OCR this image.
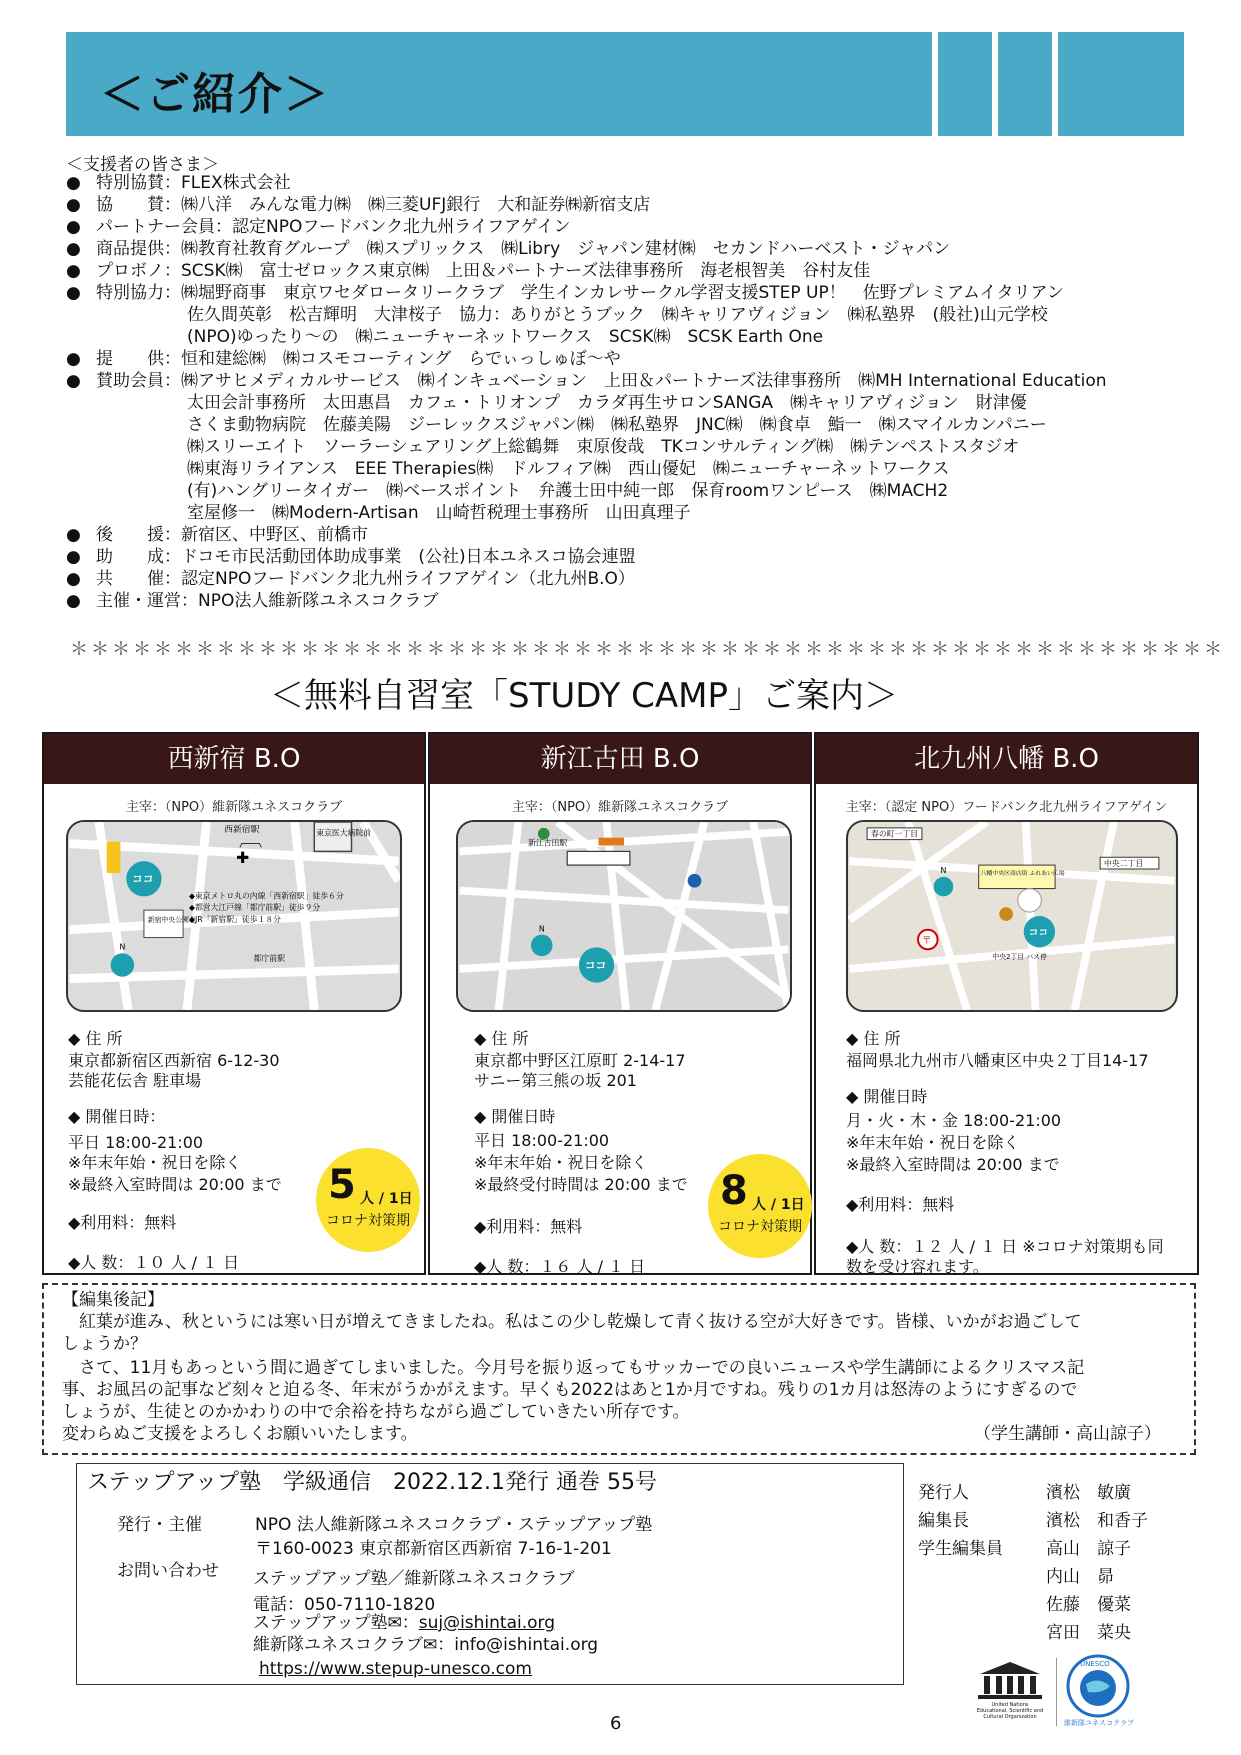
＜ご紹介＞
＜支援者の皆さま＞
● 特別協賛： FLEX株式会社
● 協　　賛： ㈱八洋　みんな電力㈱　㈱三菱UFJ銀行　大和証券㈱新宿支店
● パートナー会員： 認定NPOフードバンク北九州ライフアゲイン
● 商品提供： ㈱教育社教育グループ　㈱スプリックス　㈱Libry　ジャパン建材㈱　セカンドハーベスト・ジャパン
● プロボノ： SCSK㈱　富士ゼロックス東京㈱　上田＆パートナーズ法律事務所　海老根智美　谷村友佳
● 特別協力： ㈱堀野商事　東京ワセダロータリークラブ　学生インカレサークル学習支援STEP UP！　佐野プレミアムイタリアン
佐久間英彰　松吉輝明　大津桜子　協力：ありがとうブック　㈱キャリアヴィジョン　㈱私塾界　(般社)山元学校
(NPO)ゆったり～の　㈱ニューチャーネットワークス　SCSK㈱　SCSK Earth One
● 提　　供： 恒和建総㈱　㈱コスモコーティング　らでぃっしゅぼ～や
● 賛助会員： ㈱アサヒメディカルサービス　㈱インキュベーション　上田＆パートナーズ法律事務所　㈱MH International Education
太田会計事務所　太田惠昌　カフェ・トリオンプ　カラダ再生サロンSANGA　㈱キャリアヴィジョン　財津優
さくま動物病院　佐藤美陽　ジーレックスジャパン㈱　㈱私塾界　JNC㈱　㈱食卓　鮨一　㈱スマイルカンパニー
㈱スリーエイト　ソーラーシェアリング上総鶴舞　束原俊哉　TKコンサルティング㈱　㈱テンペストスタジオ
㈱東海リライアンス　EEE Therapies㈱　ドルフィア㈱　西山優妃　㈱ニューチャーネットワークス
(有)ハングリータイガー　㈱ベースポイント　弁護士田中純一郎　保育roomワンピース　㈱MACH2
室屋修一　㈱Modern-Artisan　山崎哲税理士事務所　山田真理子
● 後　　援： 新宿区、中野区、前橋市
● 助　　成： ドコモ市民活動団体助成事業　(公社)日本ユネスコ協会連盟
● 共　　催： 認定NPOフードバンク北九州ライフアゲイン（北九州B.O）
● 主催・運営： NPO法人維新隊ユネスコクラブ
＊＊＊＊＊＊＊＊＊＊＊＊＊＊＊＊＊＊＊＊＊＊＊＊＊＊＊＊＊＊＊＊＊＊＊＊＊＊＊＊＊＊＊＊＊＊＊＊＊＊＊＊＊＊＊
＜無料自習室「STUDY CAMP」ご案内＞
西新宿 B.O
主宰：（NPO）維新隊ユネスコクラブ
西新宿駅	東京医大病院前
✚
ココ
◆東京メトロ丸の内線「西新宿駅」徒歩６分
◆都営大江戸線「都庁前駅」徒歩９分
◆JR「新宿駅」徒歩１８分
新宿中央公園北
N
都庁前駅
◆ 住 所
東京都新宿区西新宿 6-12-30
芸能花伝舎 駐車場
◆ 開催日時：
平日 18:00-21:00
※年末年始・祝日を除く
※最終入室時間は 20:00 まで
◆利用料：無料
◆人 数：１０ 人 / １ 日
5 人 / 1日
コロナ対策期
新江古田 B.O
主宰：（NPO）維新隊ユネスコクラブ
新江古田駅
N
ココ
◆ 住 所
東京都中野区江原町 2-14-17
サニー第三熊の坂 201
◆ 開催日時
平日 18:00-21:00
※年末年始・祝日を除く
※最終受付時間は 20:00 まで
◆利用料：無料
◆人 数：１６ 人 / １ 日
8 人 / 1日
コロナ対策期
北九州八幡 B.O
主宰：（認定 NPO）フードバンク北九州ライフアゲイン
春の町一丁目
中央二丁目
八幡中央区商店街 ふれあい広場
ココ
N
〒
中央2丁目 バス停
◆ 住 所
福岡県北九州市八幡東区中央２丁目14-17
◆ 開催日時
月・火・木・金 18:00-21:00
※年末年始・祝日を除く
※最終入室時間は 20:00 まで
◆利用料：無料
◆人 数：１２ 人 / １ 日 ※コロナ対策期も同
数を受け容れます。
【編集後記】
　紅葉が進み、秋というには寒い日が増えてきましたね。私はこの少し乾燥して青く抜ける空が大好きです。皆様、いかがお過ごして
しょうか？
　さて、11月もあっという間に過ぎてしまいました。今月号を振り返ってもサッカーでの良いニュースや学生講師によるクリスマス記
事、お風呂の記事など刻々と迫る冬、年末がうかがえます。早くも2022はあと1か月ですね。残りの1カ月は怒涛のようにすぎるので
しょうが、生徒とのかかわりの中で余裕を持ちながら過ごしていきたい所存です。
変わらぬご支援をよろしくお願いいたします。	（学生講師・高山諒子）
ステップアップ塾　学級通信　2022.12.1発行 通巻 55号
発行・主催	NPO 法人維新隊ユネスコクラブ・ステップアップ塾
〒160-0023 東京都新宿区西新宿 7-16-1-201
お問い合わせ ステップアップ塾／維新隊ユネスコクラブ
電話：050-7110-1820
ステップアップ塾✉：suj@ishintai.org
維新隊ユネスコクラブ✉：info@ishintai.org
https://www.stepup-unesco.com
発行人	濱松　敏廣
編集長	濱松　和香子
学生編集員	高山　諒子
内山　昴
佐藤　優菜
宮田　菜央
United Nations
Educational, Scientific and
Cultural Organization
UNESCO
維新隊ユネスコクラブ
6
